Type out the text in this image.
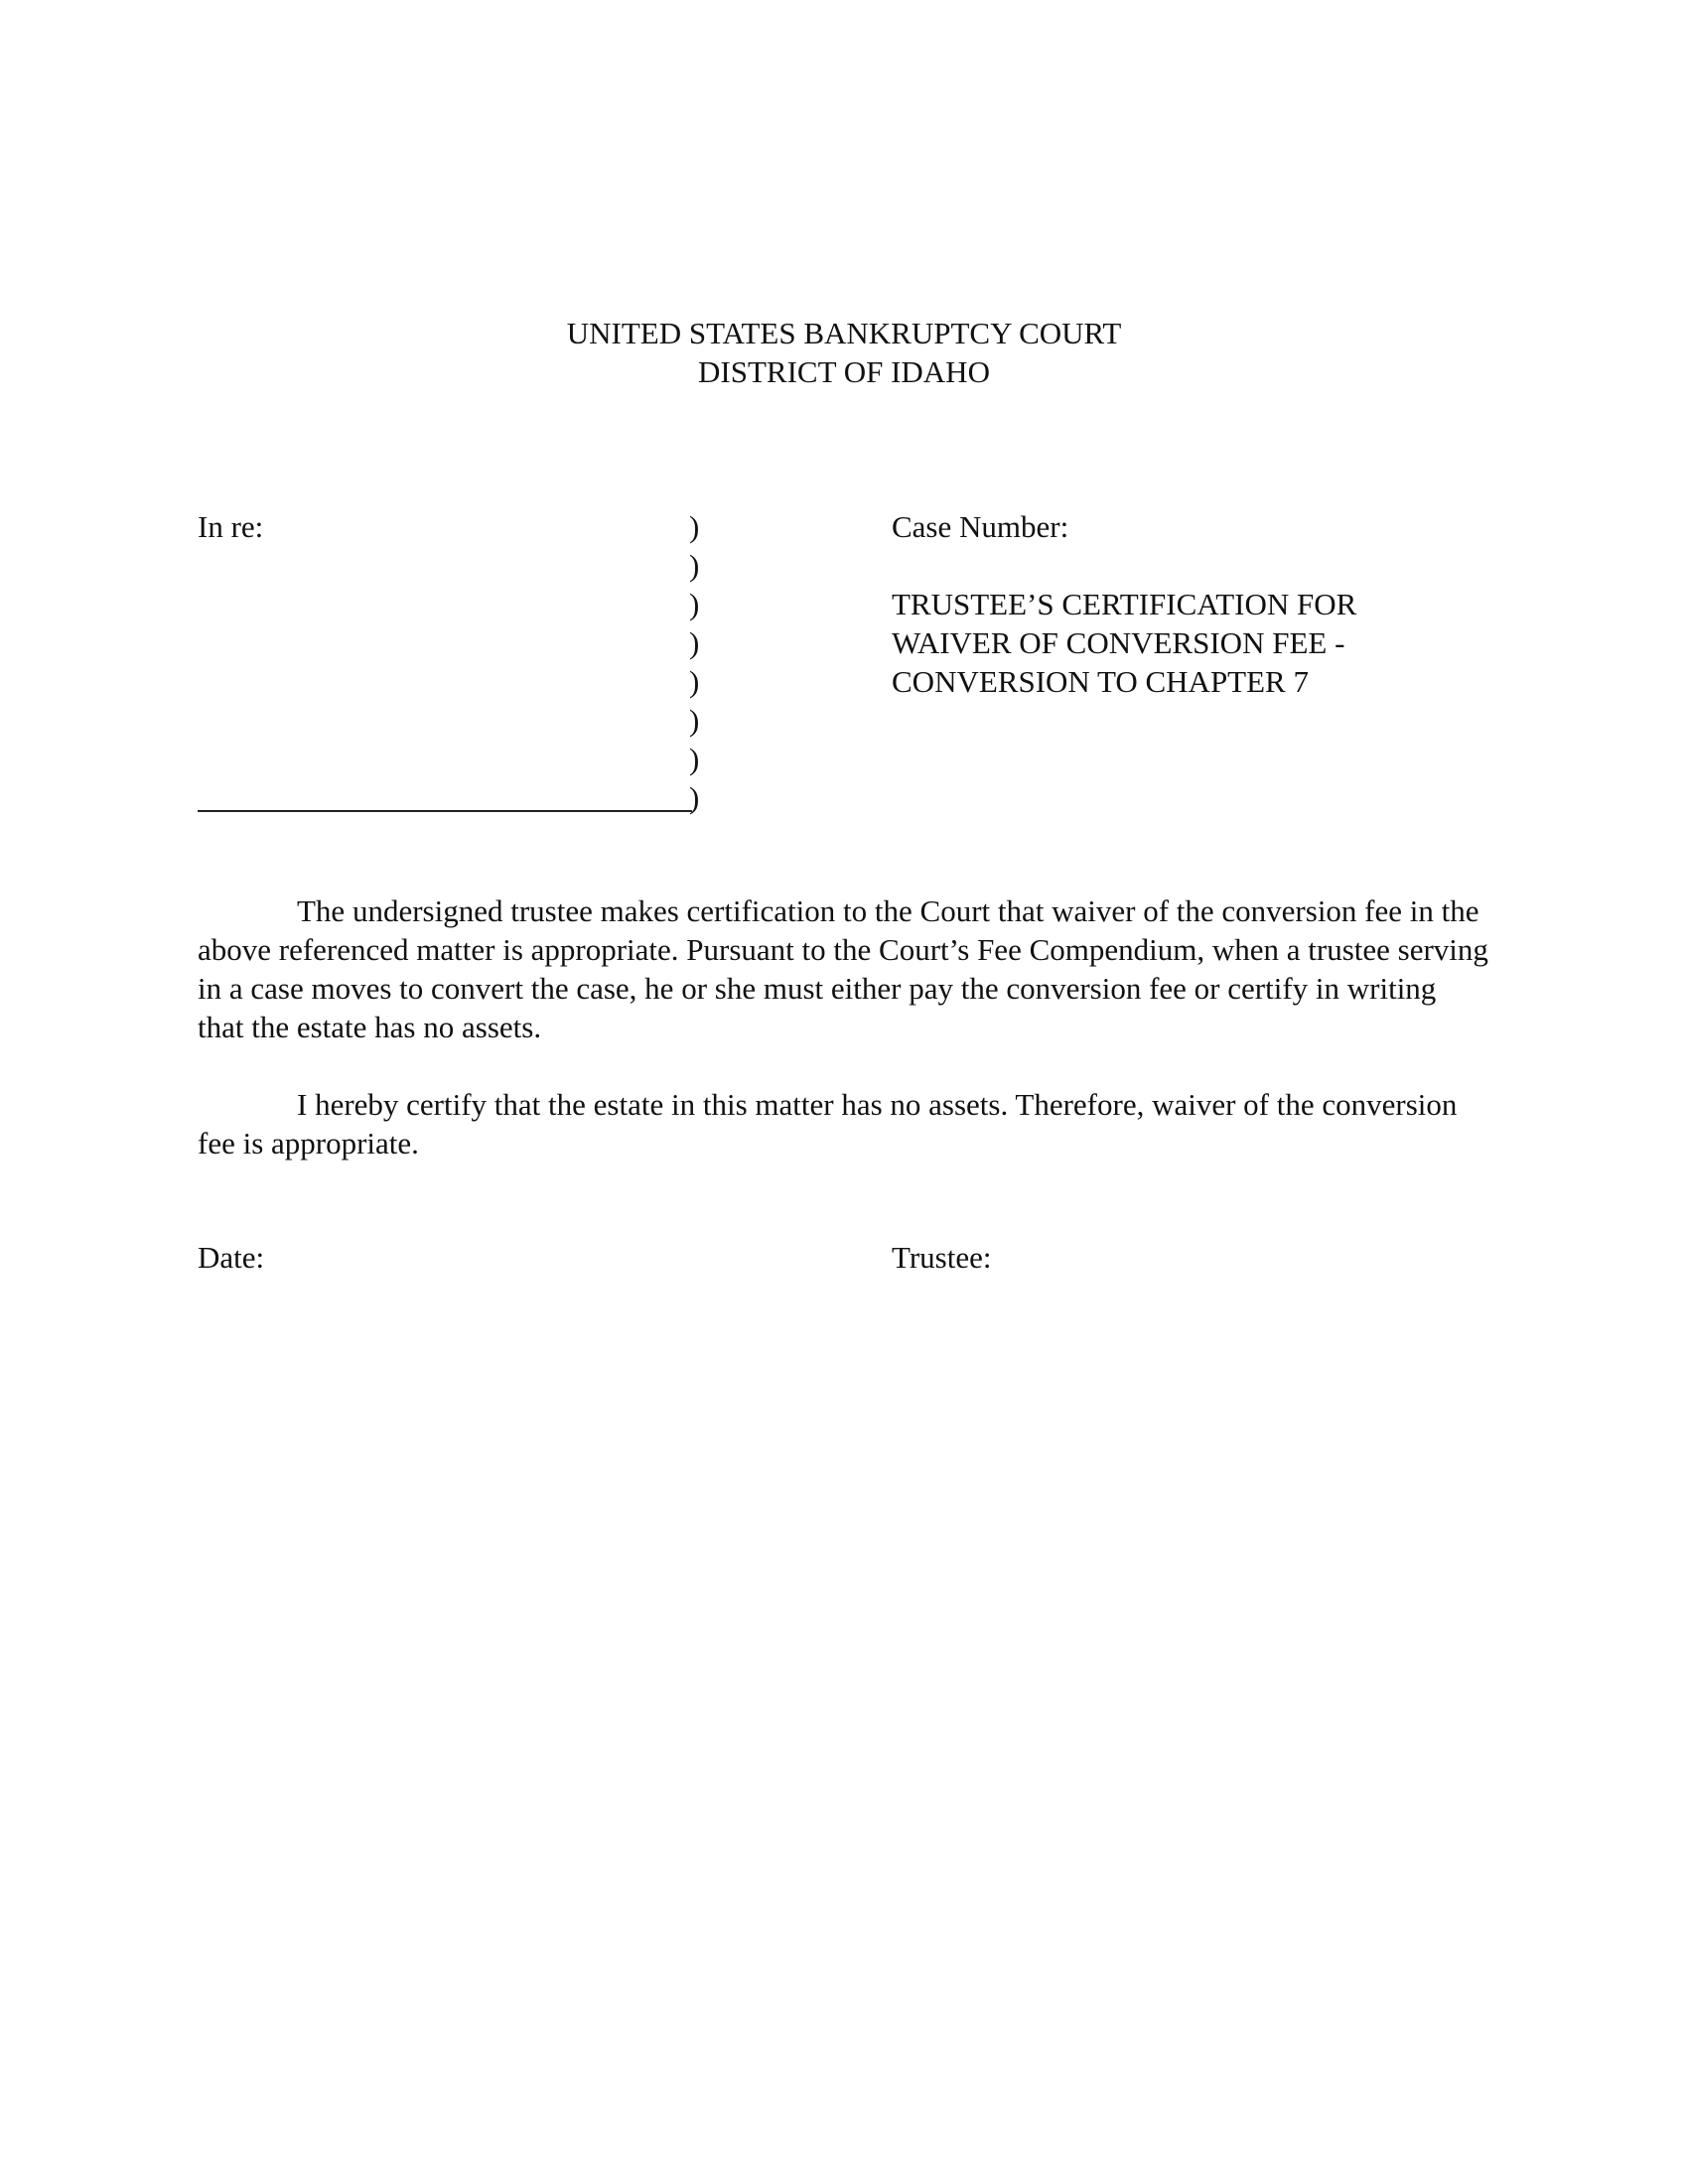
UNITED STATES BANKRUPTCY COURT
DISTRICT OF IDAHO
In re:	)
)
)
)
)
)
)
)
Case Number:
TRUSTEE’S CERTIFICATION FOR
WAIVER OF CONVERSION FEE -
CONVERSION TO CHAPTER 7

The undersigned trustee makes certification to the Court that waiver of the conversion fee in the above referenced matter is appropriate. Pursuant to the Court’s Fee Compendium, when a trustee serving in a case moves to convert the case, he or she must either pay the conversion fee or certify in writing that the estate has no assets.

I hereby certify that the estate in this matter has no assets. Therefore, waiver of the conversion fee is appropriate.

Date:	Trustee:
